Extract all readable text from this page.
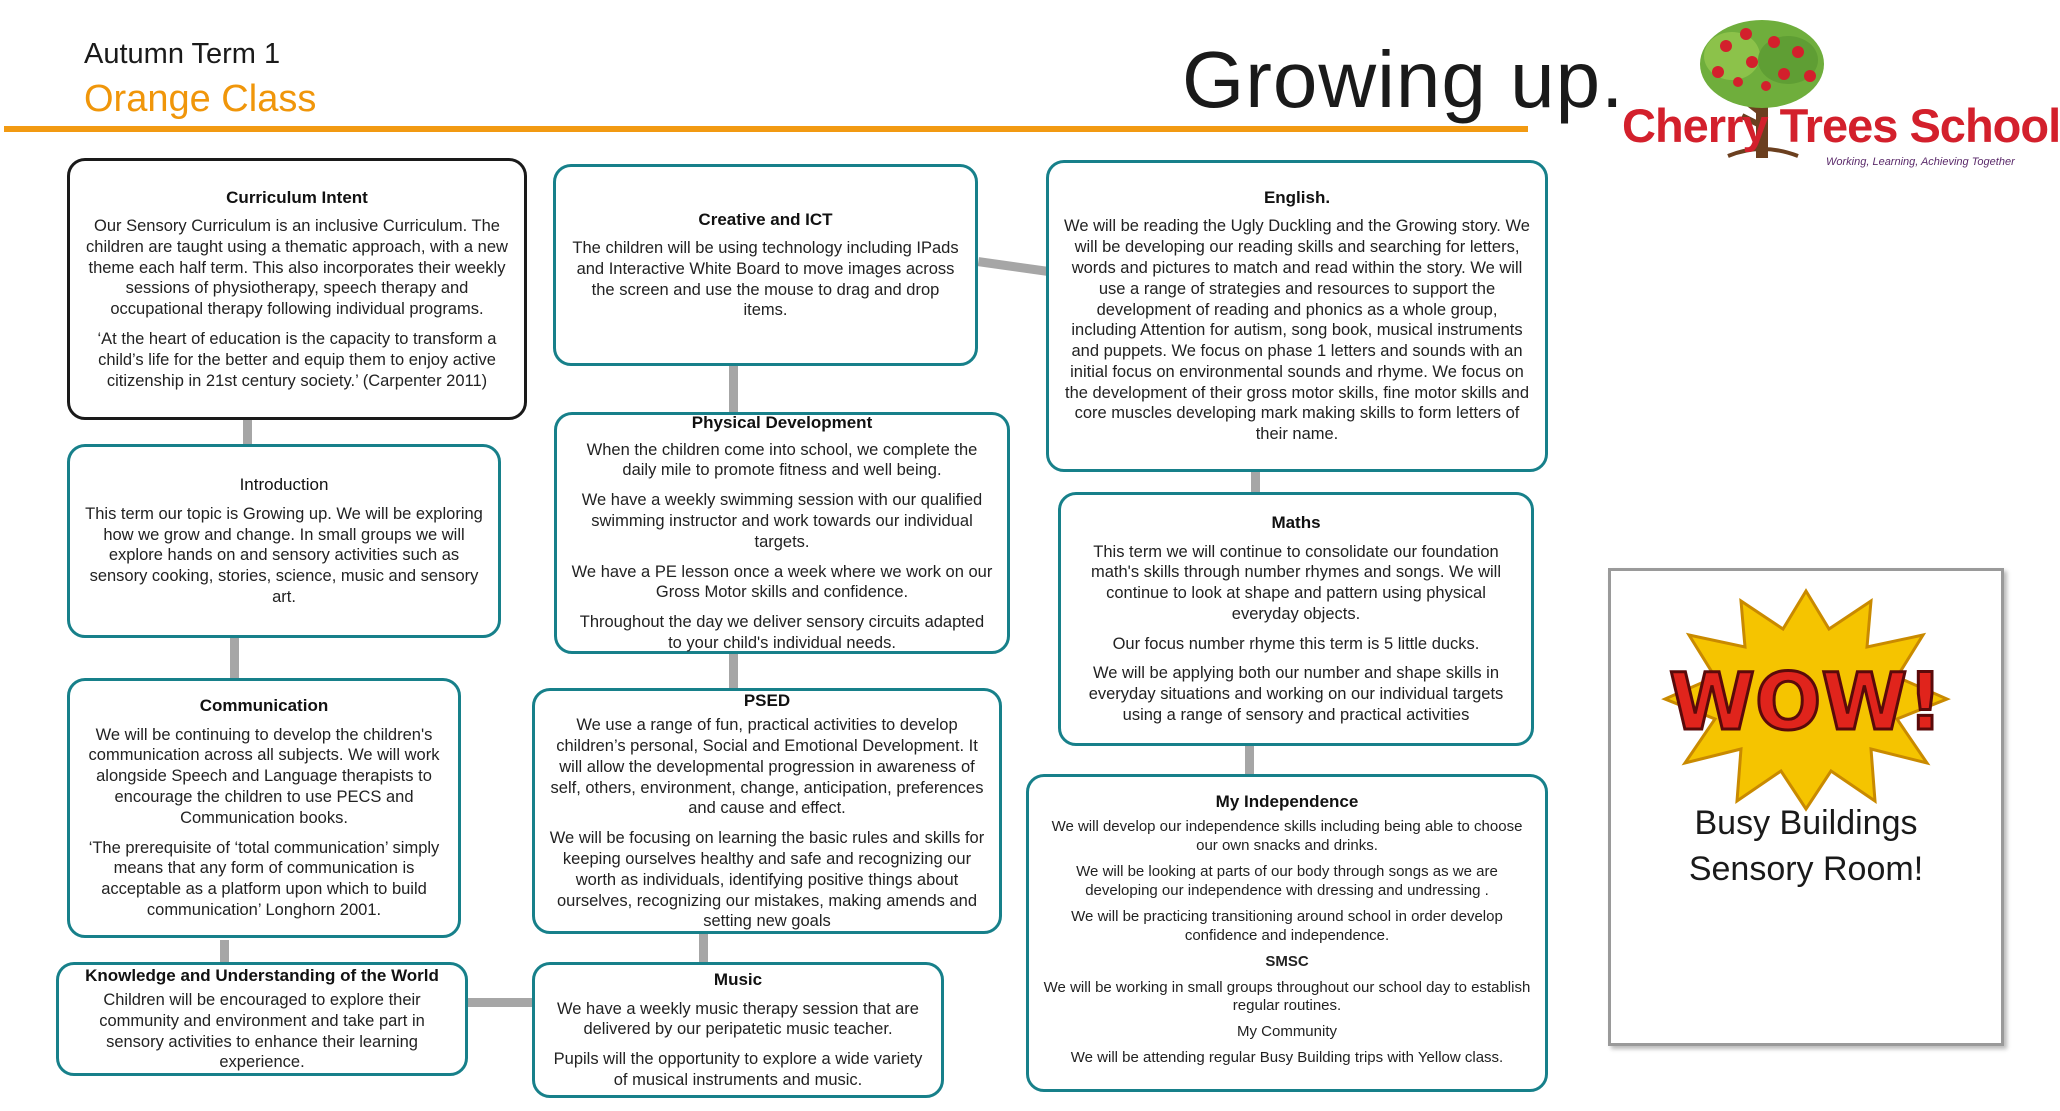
Autumn Term 1
Orange Class	Growing up.
Cherry Trees School
Working, Learning, Achieving Together
Curriculum Intent

Our Sensory Curriculum is an inclusive Curriculum. The children are taught using a thematic approach, with a new theme each half term. This also incorporates their weekly sessions of physiotherapy, speech therapy and occupational therapy following individual programs.

‘At the heart of education is the capacity to transform a child’s life for the better and equip them to enjoy active citizenship in 21st century society.’ (Carpenter 2011)

Introduction

This term our topic is Growing up. We will be exploring how we grow and change. In small groups we will explore hands on and sensory activities such as sensory cooking, stories, science, music and sensory art.

Communication

We will be continuing to develop the children's communication across all subjects. We will work alongside Speech and Language therapists to encourage the children to use PECS and Communication books.

‘The prerequisite of ‘total communication’ simply means that any form of communication is acceptable as a platform upon which to build communication’ Longhorn 2001.

Knowledge and Understanding of the World

Children will be encouraged to explore their community and environment and take part in sensory activities to enhance their learning experience.

Creative and ICT

The children will be using technology including IPads and Interactive White Board to move images across the screen and use the mouse to drag and drop items.

Physical Development

When the children come into school, we complete the daily mile to promote fitness and well being.

We have a weekly swimming session with our qualified swimming instructor and work towards our individual targets.

We have a PE lesson once a week where we work on our Gross Motor skills and confidence.

Throughout the day we deliver sensory circuits adapted to your child's individual needs.

PSED

We use a range of fun, practical activities to develop children’s personal, Social and Emotional Development. It will allow the developmental progression in awareness of self, others, environment, change, anticipation, preferences and cause and effect.

We will be focusing on learning the basic rules and skills for keeping ourselves healthy and safe and recognizing our worth as individuals, identifying positive things about ourselves, recognizing our mistakes, making amends and setting new goals

Music

We have a weekly music therapy session that are delivered by our peripatetic music teacher.

Pupils will the opportunity to explore a wide variety of musical instruments and music.

English.

We will be reading the Ugly Duckling and the Growing story. We will be developing our reading skills and searching for letters, words and pictures to match and read within the story. We will use a range of strategies and resources to support the development of reading and phonics as a whole group, including Attention for autism, song book, musical instruments and puppets. We focus on phase 1 letters and sounds with an initial focus on environmental sounds and rhyme. We focus on the development of their gross motor skills, fine motor skills and core muscles developing mark making skills to form letters of their name.

Maths

This term we will continue to consolidate our foundation math's skills through number rhymes and songs. We will continue to look at shape and pattern using physical everyday objects.

Our focus number rhyme this term is 5 little ducks.

We will be applying both our number and shape skills in everyday situations and working on our individual targets using a range of sensory and practical activities

My Independence

We will develop our independence skills including being able to choose our own snacks and drinks.

We will be looking at parts of our body through songs as we are developing our independence with dressing and undressing .

We will be practicing transitioning around school in order develop confidence and independence.

SMSC

We will be working in small groups throughout our school day to establish regular routines.

My Community

We will be attending regular Busy Building trips with Yellow class.

WOW!
Busy Buildings
Sensory Room!
